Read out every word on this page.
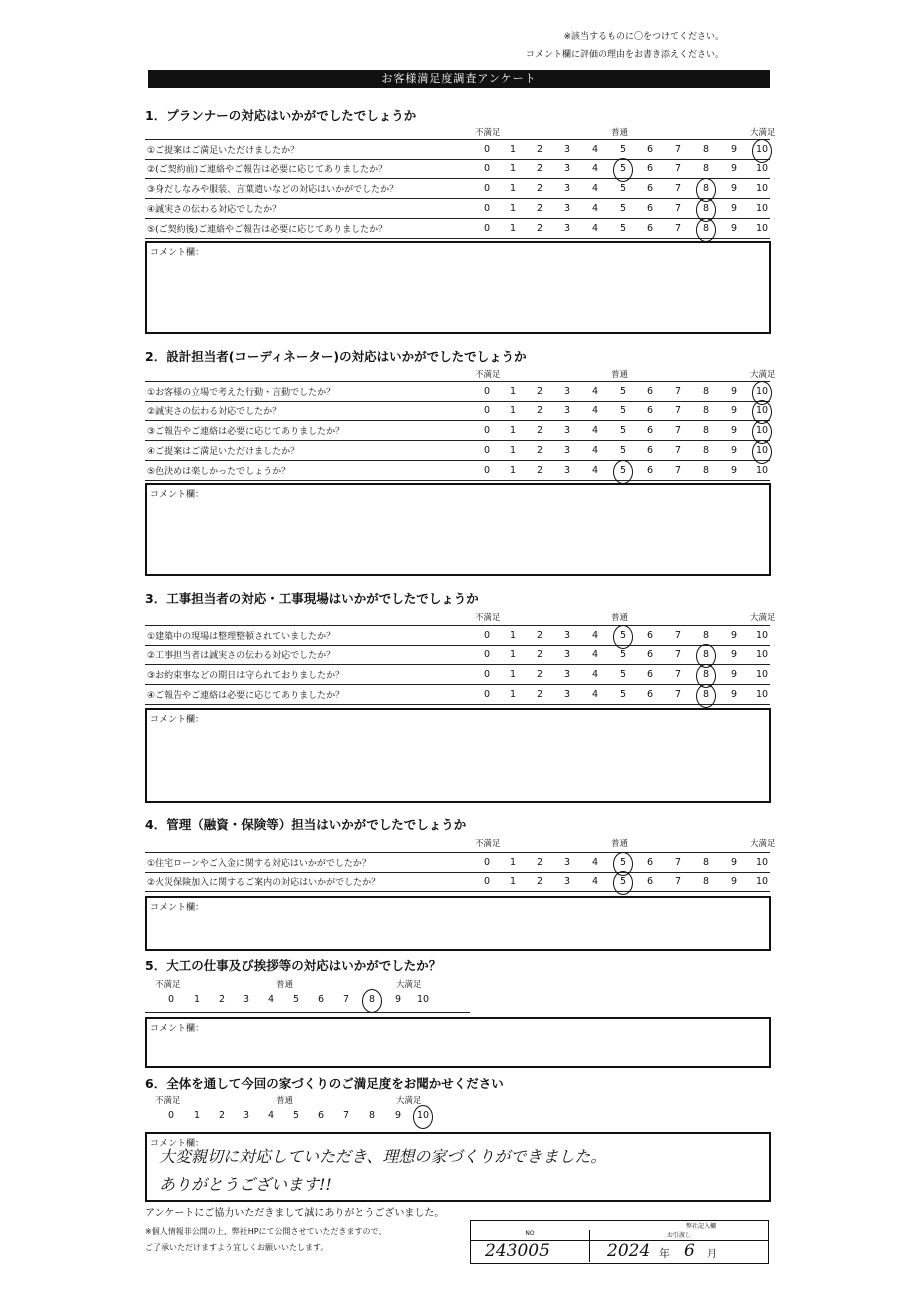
※該当するものに〇をつけてください。
コメント欄に評価の理由をお書き添えください。
お客様満足度調査アンケート
1．プランナーの対応はいかがでしたでしょうか
不満足	普通	大満足
①ご提案はご満足いただけましたか？	0	1	2	3	4	5	6	7	8	9	10
②(ご契約前)ご連絡やご報告は必要に応じてありましたか？	0	1	2	3	4	5	6	7	8	9	10
③身だしなみや服装、言葉遣いなどの対応はいかがでしたか？	0	1	2	3	4	5	6	7	8	9	10
④誠実さの伝わる対応でしたか？	0	1	2	3	4	5	6	7	8	9	10
⑤(ご契約後)ご連絡やご報告は必要に応じてありましたか？	0	1	2	3	4	5	6	7	8	9	10
コメント欄：
2．設計担当者(コーディネーター)の対応はいかがでしたでしょうか
不満足	普通	大満足
①お客様の立場で考えた行動・言動でしたか？	0	1	2	3	4	5	6	7	8	9	10
②誠実さの伝わる対応でしたか？	0	1	2	3	4	5	6	7	8	9	10
③ご報告やご連絡は必要に応じてありましたか？	0	1	2	3	4	5	6	7	8	9	10
④ご提案はご満足いただけましたか？	0	1	2	3	4	5	6	7	8	9	10
⑤色決めは楽しかったでしょうか？	0	1	2	3	4	5	6	7	8	9	10
コメント欄：
3．工事担当者の対応・工事現場はいかがでしたでしょうか
不満足	普通	大満足
①建築中の現場は整理整頓されていましたか？	0	1	2	3	4	5	6	7	8	9	10
②工事担当者は誠実さの伝わる対応でしたか？	0	1	2	3	4	5	6	7	8	9	10
③お約束事などの期日は守られておりましたか？	0	1	2	3	4	5	6	7	8	9	10
④ご報告やご連絡は必要に応じてありましたか？	0	1	2	3	4	5	6	7	8	9	10
コメント欄：
4．管理（融資・保険等）担当はいかがでしたでしょうか
不満足	普通	大満足
①住宅ローンやご入金に関する対応はいかがでしたか？	0	1	2	3	4	5	6	7	8	9	10
②火災保険加入に関するご案内の対応はいかがでしたか？	0	1	2	3	4	5	6	7	8	9	10
コメント欄：
5．大工の仕事及び挨拶等の対応はいかがでしたか？
不満足	普通	大満足
0	1	2	3	4	5	6	7	8	9	10
コメント欄：
6．全体を通して今回の家づくりのご満足度をお聞かせください
不満足	普通	大満足
0	1	2	3	4	5	6	7	8	9	10
コメント欄：
大変親切に対応していただき、理想の家づくりができました。
ありがとうございます!!
アンケートにご協力いただきまして誠にありがとうございました。
※個人情報非公開の上、弊社HPにて公開させていただきますので、
ご了承いただけますよう宜しくお願いいたします。
弊社記入欄
NO	お引渡し
243005	2024 年 6 月
